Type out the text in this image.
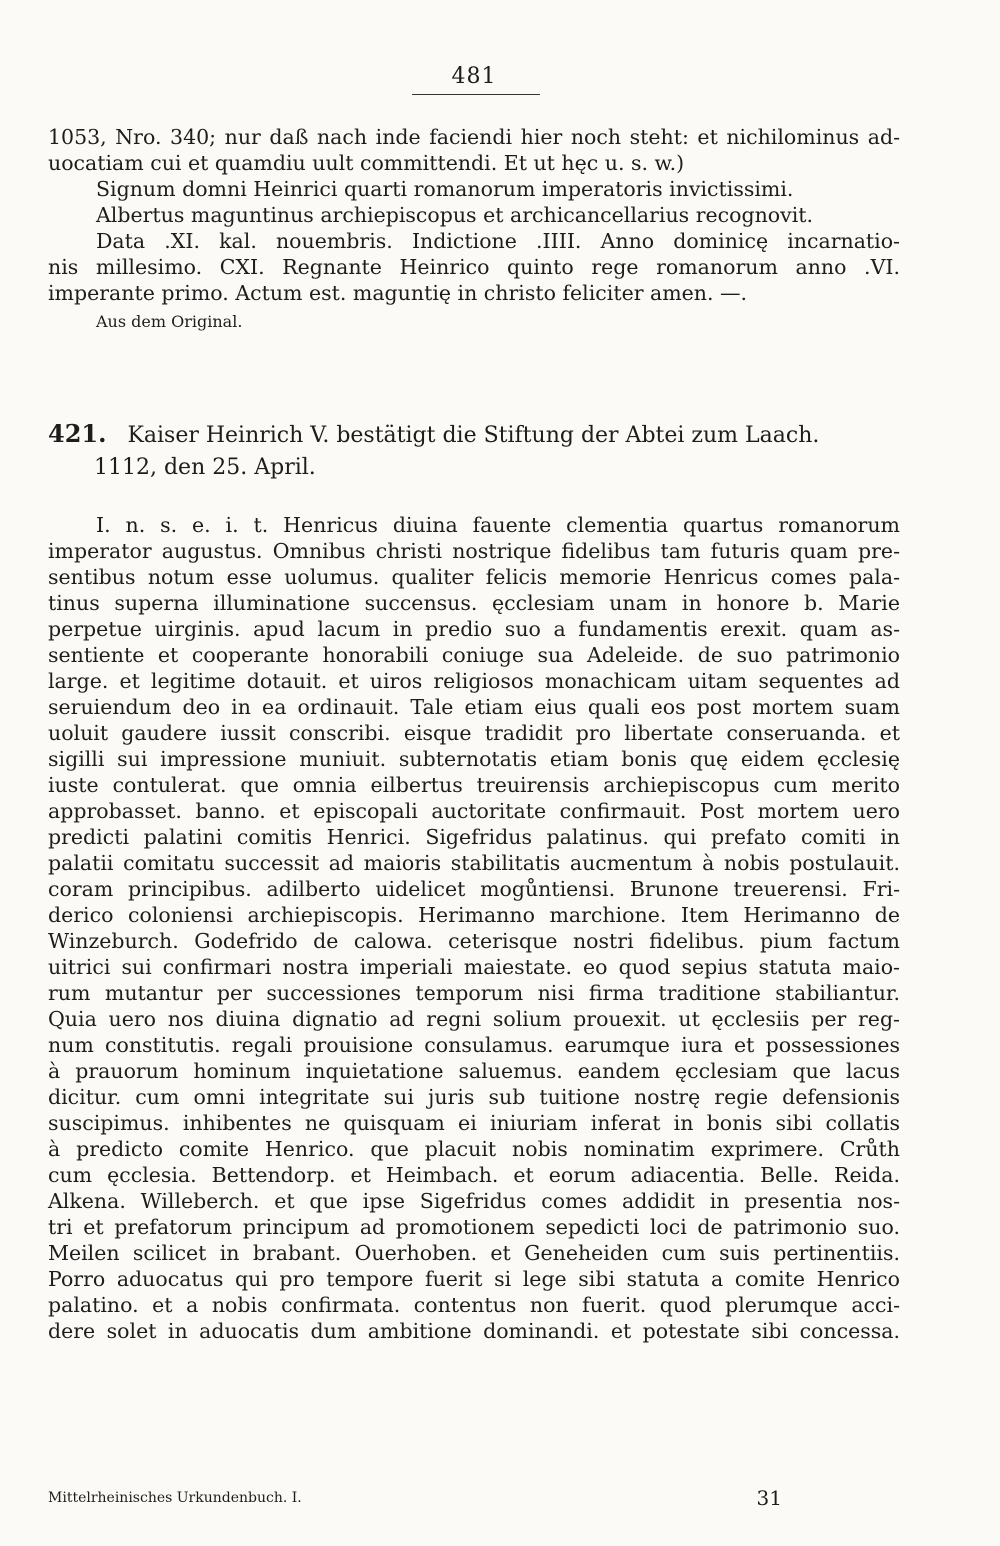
481
1053, Nro. 340; nur daß nach inde faciendi hier noch steht: et nichilominus ad-
uocatiam cui et quamdiu uult committendi. Et ut hęc u. s. w.)
Signum domni Heinrici quarti romanorum imperatoris invictissimi.
Albertus maguntinus archiepiscopus et archicancellarius recognovit.
Data .XI. kal. nouembris. Indictione .IIII. Anno dominicę incarnatio-
nis millesimo. CXI. Regnante Heinrico quinto rege romanorum anno .VI.
imperante primo. Actum est. maguntię in christo feliciter amen. —.
Aus dem Original.
421. Kaiser Heinrich V. bestätigt die Stiftung der Abtei zum Laach.
1112, den 25. April.
I. n. s. e. i. t. Henricus diuina fauente clementia quartus romanorum
imperator augustus. Omnibus christi nostrique fidelibus tam futuris quam pre-
sentibus notum esse uolumus. qualiter felicis memorie Henricus comes pala-
tinus superna illuminatione succensus. ęcclesiam unam in honore b. Marie
perpetue uirginis. apud lacum in predio suo a fundamentis erexit. quam as-
sentiente et cooperante honorabili coniuge sua Adeleide. de suo patrimonio
large. et legitime dotauit. et uiros religiosos monachicam uitam sequentes ad
seruiendum deo in ea ordinauit. Tale etiam eius quali eos post mortem suam
uoluit gaudere iussit conscribi. eisque tradidit pro libertate conseruanda. et
sigilli sui impressione muniuit. subternotatis etiam bonis quę eidem ęcclesię
iuste contulerat. que omnia eilbertus treuirensis archiepiscopus cum merito
approbasset. banno. et episcopali auctoritate confirmauit. Post mortem uero
predicti palatini comitis Henrici. Sigefridus palatinus. qui prefato comiti in
palatii comitatu successit ad maioris stabilitatis aucmentum à nobis postulauit.
coram principibus. adilberto uidelicet mogůntiensi. Brunone treuerensi. Fri-
derico coloniensi archiepiscopis. Herimanno marchione. Item Herimanno de
Winzeburch. Godefrido de calowa. ceterisque nostri fidelibus. pium factum
uitrici sui confirmari nostra imperiali maiestate. eo quod sepius statuta maio-
rum mutantur per successiones temporum nisi firma traditione stabiliantur.
Quia uero nos diuina dignatio ad regni solium prouexit. ut ęcclesiis per reg-
num constitutis. regali prouisione consulamus. earumque iura et possessiones
à prauorum hominum inquietatione saluemus. eandem ęcclesiam que lacus
dicitur. cum omni integritate sui juris sub tuitione nostrę regie defensionis
suscipimus. inhibentes ne quisquam ei iniuriam inferat in bonis sibi collatis
à predicto comite Henrico. que placuit nobis nominatim exprimere. Crůth
cum ęcclesia. Bettendorp. et Heimbach. et eorum adiacentia. Belle. Reida.
Alkena. Willeberch. et que ipse Sigefridus comes addidit in presentia nos-
tri et prefatorum principum ad promotionem sepedicti loci de patrimonio suo.
Meilen scilicet in brabant. Ouerhoben. et Geneheiden cum suis pertinentiis.
Porro aduocatus qui pro tempore fuerit si lege sibi statuta a comite Henrico
palatino. et a nobis confirmata. contentus non fuerit. quod plerumque acci-
dere solet in aduocatis dum ambitione dominandi. et potestate sibi concessa.
Mittelrheinisches Urkundenbuch. I.	31
